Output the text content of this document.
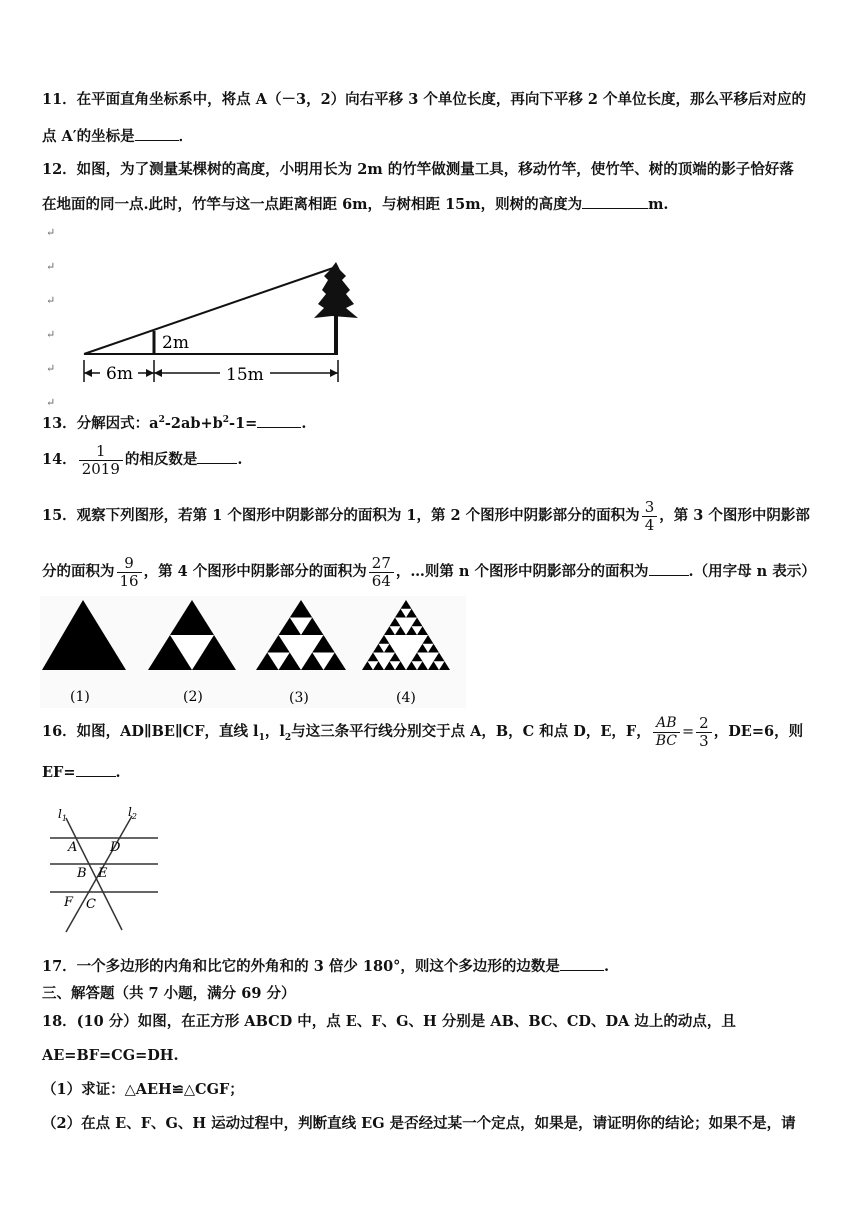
11．在平面直角坐标系中，将点 A（－3，2）向右平移 3 个单位长度，再向下平移 2 个单位长度，那么平移后对应的
点 A′的坐标是	．
12．如图，为了测量某棵树的高度，小明用长为 2m 的竹竿做测量工具，移动竹竿，使竹竿、树的顶端的影子恰好落
在地面的同一点.此时，竹竿与这一点距离相距 6m，与树相距 15m，则树的高度为	m.
↵
↵
↵
↵
↵
↵
2m
6m	15m
13．分解因式：$a^2-2ab+b^2-1=$	.
14． $\frac{1}{2019}$ 的相反数是	.
15．观察下列图形，若第 1 个图形中阴影部分的面积为 1，第 2 个图形中阴影部分的面积为 $\frac{3}{4}$ ，第 3 个图形中阴影部
分的面积为 $\frac{9}{16}$ ，第 4 个图形中阴影部分的面积为 $\frac{27}{64}$ ，…则第 n 个图形中阴影部分的面积为	.（用字母 n 表示）
(1)	(2)	(3)	(4)
16．如图，AD∥BE∥CF，直线 $l_1$，$l_2$与这三条平行线分别交于点 A，B，C 和点 D，E，F， $\frac{AB}{BC} = \frac{2}{3}$ ，DE=6，则
EF=	.
$l_1$	$l_2$
A	D
B E
F C
17．一个多边形的内角和比它的外角和的 3 倍少 180°，则这个多边形的边数是	.
三、解答题（共 7 小题，满分 69 分）
18．(10 分）如图，在正方形 ABCD 中，点 E、F、G、H 分别是 AB、BC、CD、DA 边上的动点，且
AE=BF=CG=DH.
（1）求证：△AEH≌△CGF；
（2）在点 E、F、G、H 运动过程中，判断直线 EG 是否经过某一个定点，如果是，请证明你的结论；如果不是，请
